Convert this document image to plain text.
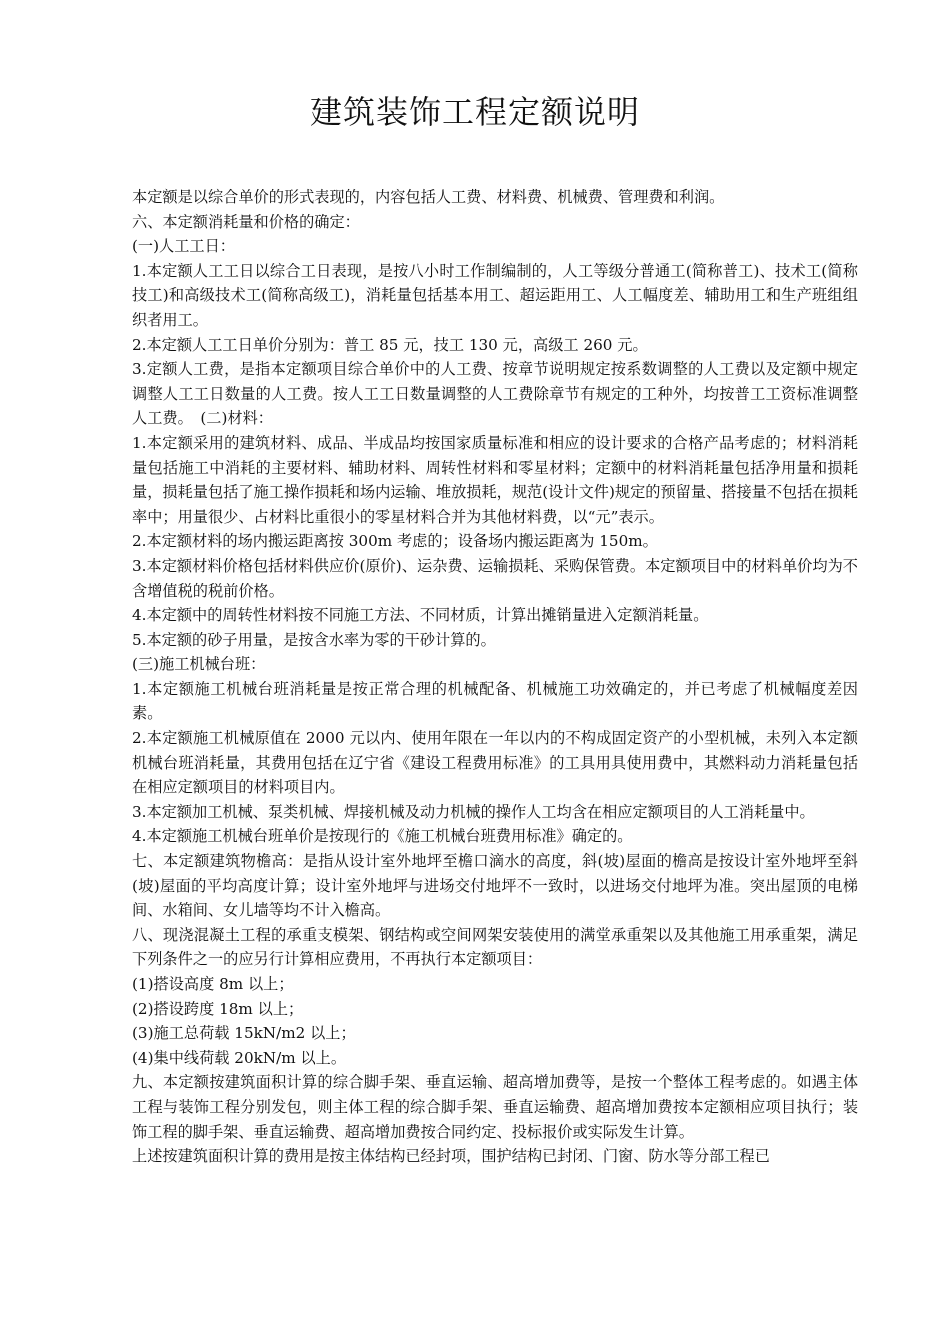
建筑装饰工程定额说明

本定额是以综合单价的形式表现的，内容包括人工费、材料费、机械费、管理费和利润。

六、本定额消耗量和价格的确定：

(一)人工工日：

1.本定额人工工日以综合工日表现，是按八小时工作制编制的，人工等级分普通工(简称普工)、技术工(简称技工)和高级技术工(简称高级工)，消耗量包括基本用工、超运距用工、人工幅度差、辅助用工和生产班组组织者用工。

2.本定额人工工日单价分别为：普工 85 元，技工 130 元，高级工 260 元。

3.定额人工费，是指本定额项目综合单价中的人工费、按章节说明规定按系数调整的人工费以及定额中规定调整人工工日数量的人工费。按人工工日数量调整的人工费除章节有规定的工种外，均按普工工资标准调整人工费。　(二)材料：

1.本定额采用的建筑材料、成品、半成品均按国家质量标准和相应的设计要求的合格产品考虑的；材料消耗量包括施工中消耗的主要材料、辅助材料、周转性材料和零星材料；定额中的材料消耗量包括净用量和损耗量，损耗量包括了施工操作损耗和场内运输、堆放损耗，规范(设计文件)规定的预留量、搭接量不包括在损耗率中；用量很少、占材料比重很小的零星材料合并为其他材料费，以“元”表示。

2.本定额材料的场内搬运距离按 300m 考虑的；设备场内搬运距离为 150m。

3.本定额材料价格包括材料供应价(原价)、运杂费、运输损耗、采购保管费。本定额项目中的材料单价均为不含增值税的税前价格。

4.本定额中的周转性材料按不同施工方法、不同材质，计算出摊销量进入定额消耗量。

5.本定额的砂子用量，是按含水率为零的干砂计算的。

(三)施工机械台班：

1.本定额施工机械台班消耗量是按正常合理的机械配备、机械施工功效确定的，并已考虑了机械幅度差因素。

2.本定额施工机械原值在 2000 元以内、使用年限在一年以内的不构成固定资产的小型机械，未列入本定额机械台班消耗量，其费用包括在辽宁省《建设工程费用标准》的工具用具使用费中，其燃料动力消耗量包括在相应定额项目的材料项目内。

3.本定额加工机械、泵类机械、焊接机械及动力机械的操作人工均含在相应定额项目的人工消耗量中。

4.本定额施工机械台班单价是按现行的《施工机械台班费用标准》确定的。

七、本定额建筑物檐高：是指从设计室外地坪至檐口滴水的高度，斜(坡)屋面的檐高是按设计室外地坪至斜(坡)屋面的平均高度计算；设计室外地坪与进场交付地坪不一致时，以进场交付地坪为准。突出屋顶的电梯间、水箱间、女儿墙等均不计入檐高。

八、现浇混凝土工程的承重支模架、钢结构或空间网架安装使用的满堂承重架以及其他施工用承重架，满足下列条件之一的应另行计算相应费用，不再执行本定额项目：

(1)搭设高度 8m 以上；

(2)搭设跨度 18m 以上；

(3)施工总荷载 15kN/m2 以上；

(4)集中线荷载 20kN/m 以上。

九、本定额按建筑面积计算的综合脚手架、垂直运输、超高增加费等，是按一个整体工程考虑的。如遇主体工程与装饰工程分别发包，则主体工程的综合脚手架、垂直运输费、超高增加费按本定额相应项目执行；装饰工程的脚手架、垂直运输费、超高增加费按合同约定、投标报价或实际发生计算。

上述按建筑面积计算的费用是按主体结构已经封项，围护结构已封闭、门窗、防水等分部工程已
